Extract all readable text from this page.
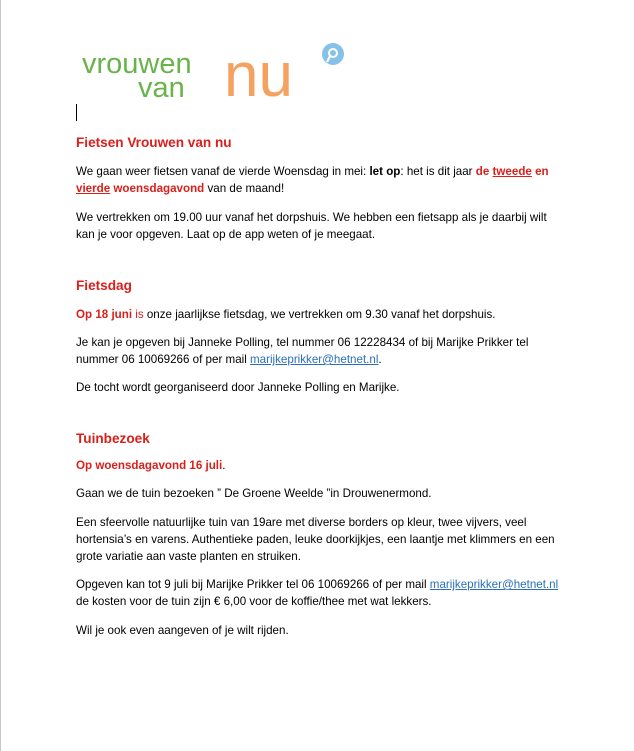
vrouwen
van nu
Fietsen Vrouwen van nu

We gaan weer fietsen vanaf de vierde Woensdag in mei: let op: het is dit jaar de tweede en vierde woensdagavond van de maand!

We vertrekken om 19.00 uur vanaf het dorpshuis. We hebben een fietsapp als je daarbij wilt kan je voor opgeven. Laat op de app weten of je meegaat.

Fietsdag

Op 18 juni is onze jaarlijkse fietsdag, we vertrekken om 9.30 vanaf het dorpshuis.

Je kan je opgeven bij Janneke Polling, tel nummer 06 12228434 of bij Marijke Prikker tel nummer 06 10069266 of per mail marijkeprikker@hetnet.nl.

De tocht wordt georganiseerd door Janneke Polling en Marijke.

Tuinbezoek

Op woensdagavond 16 juli.

Gaan we de tuin bezoeken ” De Groene Weelde ”in Drouwenermond.

Een sfeervolle natuurlijke tuin van 19are met diverse borders op kleur, twee vijvers, veel hortensia’s en varens. Authentieke paden, leuke doorkijkjes, een laantje met klimmers en een grote variatie aan vaste planten en struiken.

Opgeven kan tot 9 juli bij Marijke Prikker tel 06 10069266 of per mail marijkeprikker@hetnet.nl de kosten voor de tuin zijn € 6,00 voor de koffie/thee met wat lekkers.

Wil je ook even aangeven of je wilt rijden.
